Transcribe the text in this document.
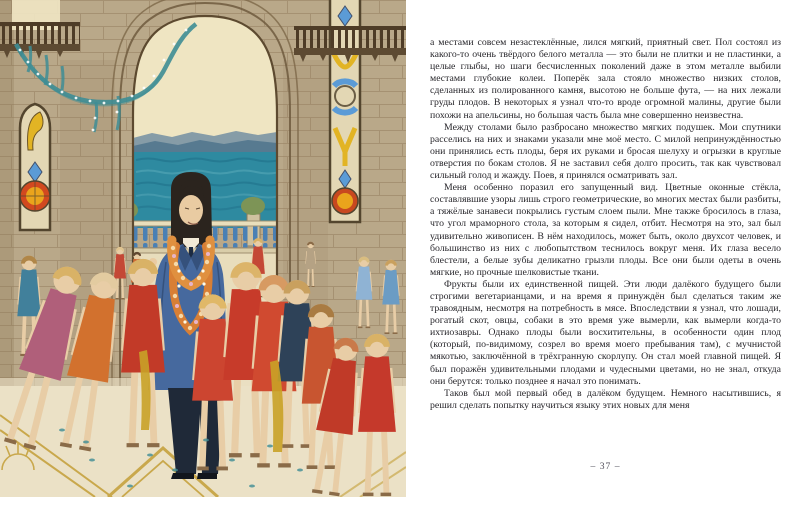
а местами совсем незастеклённые, лился мягкий, приятный свет. Пол состоял из какого-то очень твёрдого белого металла — это были не плитки и не пластинки, а целые глыбы, но шаги бесчисленных поколений даже в этом металле выбили местами глубокие колеи. Поперёк зала стояло множество низких столов, сделанных из полированного камня, высотою не больше фута, — на них лежали груды плодов. В некоторых я узнал что-то вроде огромной малины, другие были похожи на апельсины, но большая часть была мне совершенно неизвестна.

Между столами было разбросано множество мягких подушек. Мои спутники расселись на них и знаками указали мне моё место. С милой непринуждённостью они принялись есть плоды, беря их руками и бросая шелуху и огрызки в круглые отверстия по бокам столов. Я не заставил себя долго просить, так как чувствовал сильный голод и жажду. Поев, я принялся осматривать зал.

Меня особенно поразил его запущенный вид. Цветные оконные стёкла, составлявшие узоры лишь строго геометрические, во многих местах были разбиты, а тяжёлые занавеси покрылись густым слоем пыли. Мне также бросилось в глаза, что угол мраморного стола, за которым я сидел, отбит. Несмотря на это, зал был удивительно живописен. В нём находилось, может быть, около двухсот человек, и большинство из них с любопытством теснилось вокруг меня. Их глаза весело блестели, а белые зубы деликатно грызли плоды. Все они были одеты в очень мягкие, но прочные шелковистые ткани.

Фрукты были их единственной пищей. Эти люди далёкого будущего были строгими вегетарианцами, и на время я принуждён был сделаться таким же травоядным, несмотря на потребность в мясе. Впоследствии я узнал, что лошади, рогатый скот, овцы, собаки в это время уже вымерли, как вымерли когда-то ихтиозавры. Однако плоды были восхитительны, в особенности один плод (который, по-видимому, созрел во время моего пребывания там), с мучнистой мякотью, заключённой в трёхгранную скорлупу. Он стал моей главной пищей. Я был поражён удивительными плодами и чудесными цветами, но не знал, откуда они берутся: только позднее я начал это понимать.

Таков был мой первый обед в далёком будущем. Немного насытившись, я решил сделать попытку научиться языку этих новых для меня

– 37 –
